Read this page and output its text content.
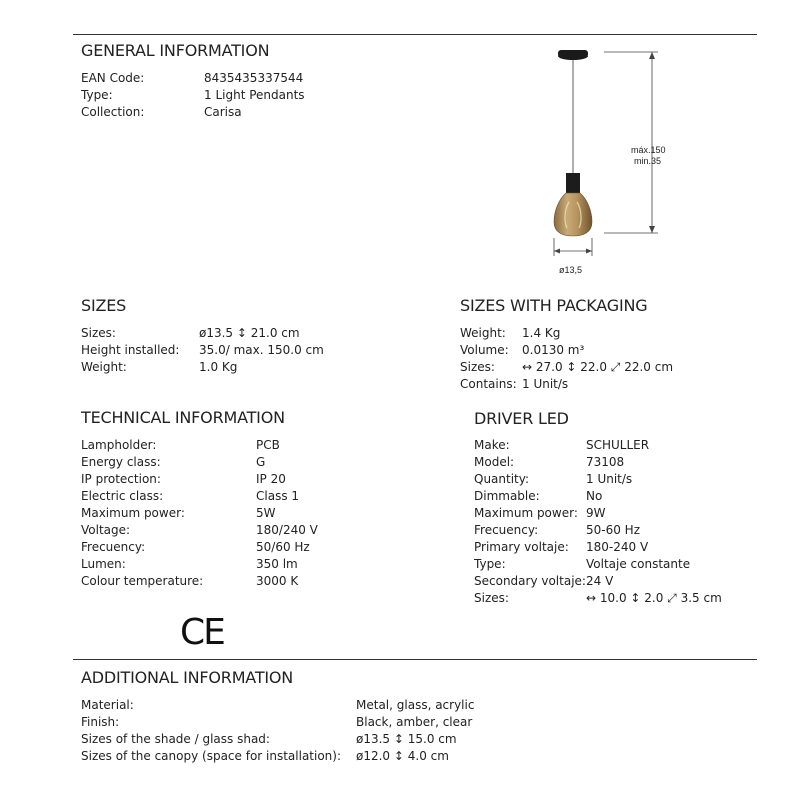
GENERAL INFORMATION
EAN Code:	8435435337544
Type:	1 Light Pendants
Collection:	Carisa
máx.150
min.35
ø13,5
SIZES
Sizes:	ø13.5 ↕ 21.0 cm
Height installed: 35.0/ max. 150.0 cm
Weight:	1.0 Kg
SIZES WITH PACKAGING
Weight: 1.4 Kg
Volume: 0.0130 m³
Sizes: ↔ 27.0 ↕ 22.0 ⤢ 22.0 cm
Contains: 1 Unit/s
TECHNICAL INFORMATION
Lampholder:	PCB
Energy class:	G
IP protection:	IP 20
Electric class:	Class 1
Maximum power:	5W
Voltage:	180/240 V
Frecuency:	50/60 Hz
Lumen:	350 lm
Colour temperature:	3000 K
DRIVER LED
Make:	SCHULLER
Model:	73108
Quantity:	1 Unit/s
Dimmable:	No
Maximum power: 9W
Frecuency:	50-60 Hz
Primary voltaje: 180-240 V
Type:	Voltaje constante
Secondary voltaje: 24 V
Sizes:	↔ 10.0 ↕ 2.0 ⤢ 3.5 cm
CE
ADDITIONAL INFORMATION
Material:	Metal, glass, acrylic
Finish:	Black, amber, clear
Sizes of the shade / glass shad:	ø13.5 ↕ 15.0 cm
Sizes of the canopy (space for installation): ø12.0 ↕ 4.0 cm
